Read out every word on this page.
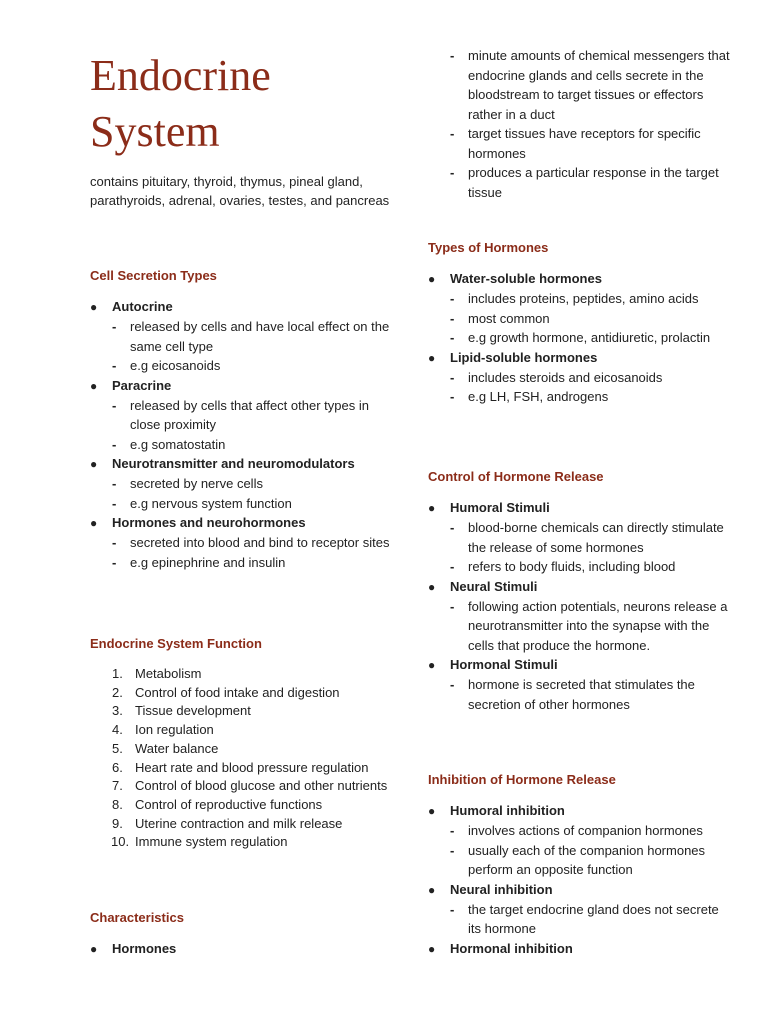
Endocrine
System

contains pituitary, thyroid, thymus, pineal gland, parathyroids, adrenal, ovaries, testes, and pancreas

Cell Secretion Types
● Autocrine
- released by cells and have local effect on the same cell type
- e.g eicosanoids
● Paracrine
- released by cells that affect other types in close proximity
- e.g somatostatin
● Neurotransmitter and neuromodulators
- secreted by nerve cells
- e.g nervous system function
● Hormones and neurohormones
- secreted into blood and bind to receptor sites
- e.g epinephrine and insulin
Endocrine System Function
1. Metabolism
2. Control of food intake and digestion
3. Tissue development
4. Ion regulation
5. Water balance
6. Heart rate and blood pressure regulation
7. Control of blood glucose and other nutrients
8. Control of reproductive functions
9. Uterine contraction and milk release
10. Immune system regulation
Characteristics
● Hormones
- minute amounts of chemical messengers that endocrine glands and cells secrete in the bloodstream to target tissues or effectors rather in a duct
- target tissues have receptors for specific hormones
- produces a particular response in the target tissue
Types of Hormones
● Water-soluble hormones
- includes proteins, peptides, amino acids
- most common
- e.g growth hormone, antidiuretic, prolactin
● Lipid-soluble hormones
- includes steroids and eicosanoids
- e.g LH, FSH, androgens
Control of Hormone Release
● Humoral Stimuli
- blood-borne chemicals can directly stimulate the release of some hormones
- refers to body fluids, including blood
● Neural Stimuli
- following action potentials, neurons release a neurotransmitter into the synapse with the cells that produce the hormone.
● Hormonal Stimuli
- hormone is secreted that stimulates the secretion of other hormones
Inhibition of Hormone Release
● Humoral inhibition
- involves actions of companion hormones
- usually each of the companion hormones perform an opposite function
● Neural inhibition
- the target endocrine gland does not secrete its hormone
● Hormonal inhibition
